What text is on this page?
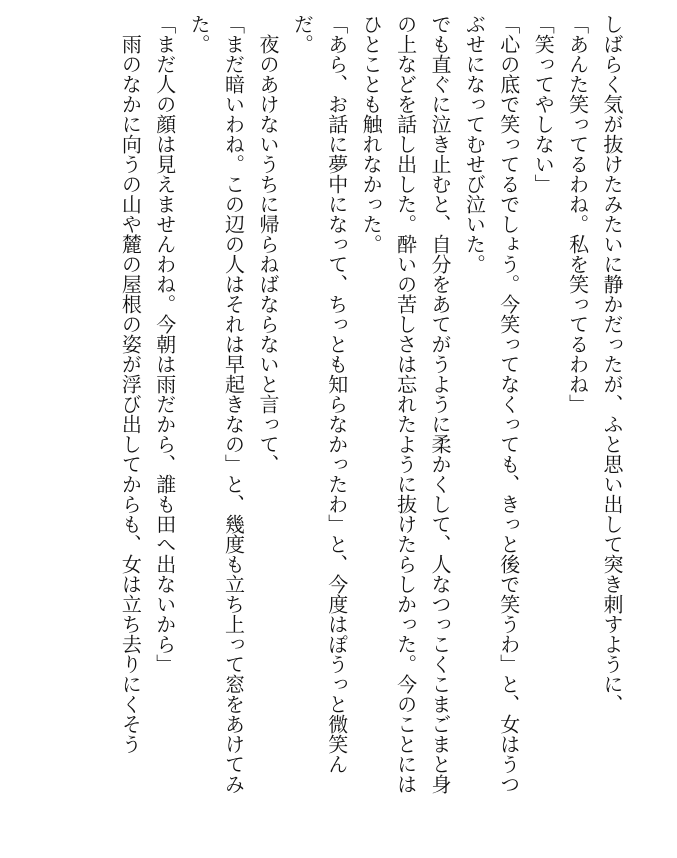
しばらく気が抜けたみたいに静かだったが、ふと思い出して突き刺すように、

「あんた笑ってるわね。私を笑ってるわね」

「笑ってやしない」

「心の底で笑ってるでしょう。今笑ってなくっても、きっと後で笑うわ」と、女はうつぶせになってむせび泣いた。

でも直ぐに泣き止むと、自分をあてがうように柔かくして、人なつっこくこまごまと身の上などを話し出した。酔いの苦しさは忘れたように抜けたらしかった。今のことにはひとことも触れなかった。

「あら、お話に夢中になって、ちっとも知らなかったわ」と、今度はぽうっと微笑んだ。

夜のあけないうちに帰らねばならないと言って、

「まだ暗いわね。この辺の人はそれは早起きなの」と、幾度も立ち上って窓をあけてみた。

「まだ人の顔は見えませんわね。今朝は雨だから、誰も田へ出ないから」

雨のなかに向うの山や麓の屋根の姿が浮び出してからも、女は立ち去りにくそう
